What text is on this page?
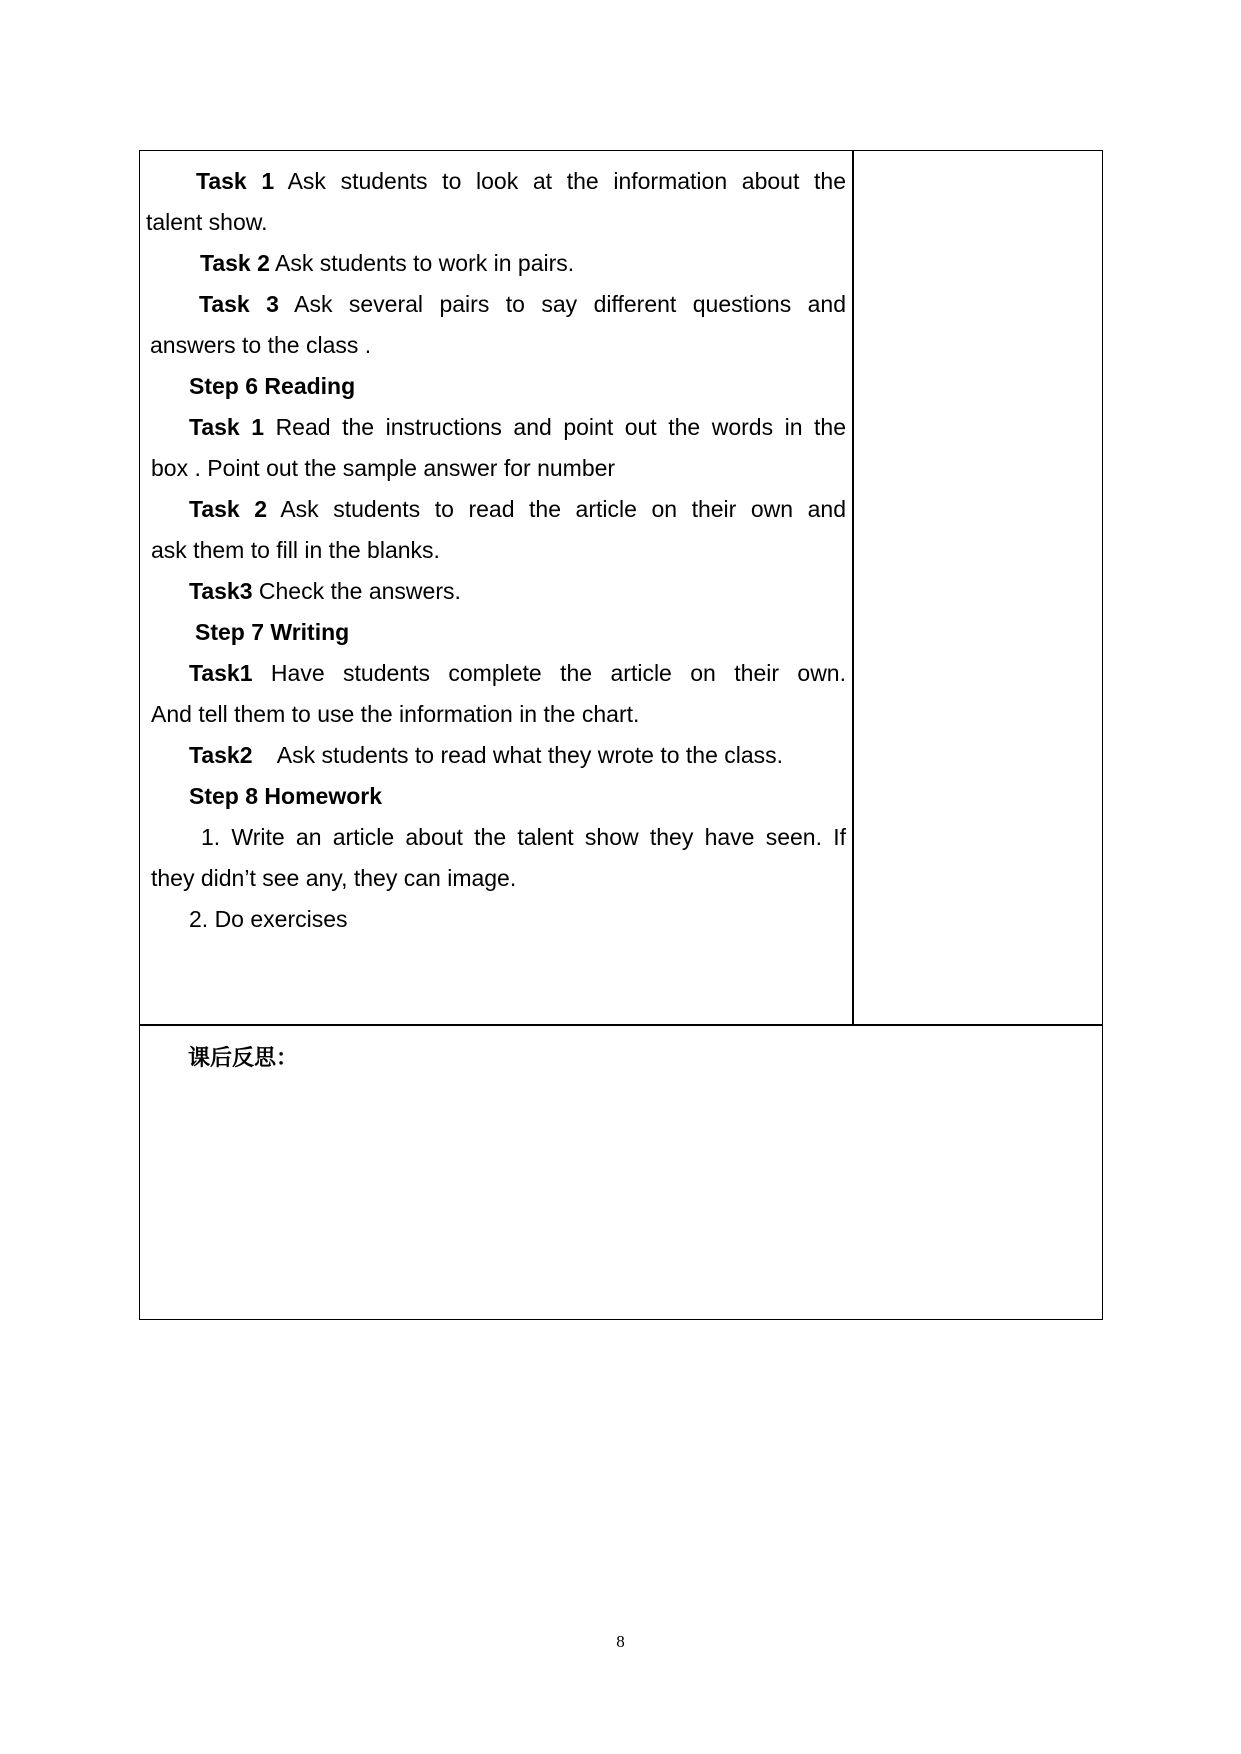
Task 1 Ask students to look at the information about the
talent show.
Task 2 Ask students to work in pairs.
Task 3 Ask several pairs to say different questions and
answers to the class .
Step 6 Reading
Task 1 Read the instructions and point out the words in the
box . Point out the sample answer for number
Task 2 Ask students to read the article on their own and
ask them to fill in the blanks.
Task3 Check the answers.
Step 7 Writing
Task1 Have students complete the article on their own.
And tell them to use the information in the chart.
Task2    Ask students to read what they wrote to the class.
Step 8 Homework
1. Write an article about the talent show they have seen. If
they didn’t see any, they can image.
2. Do exercises
课后反思：
8
